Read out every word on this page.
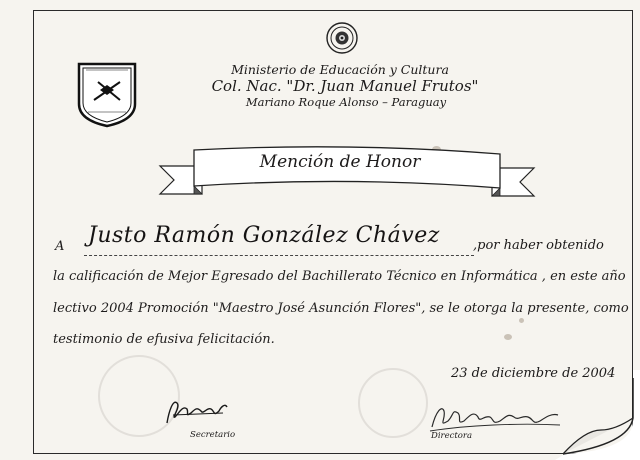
Ministerio de Educación y Cultura
Col. Nac. "Dr. Juan Manuel Frutos"
Mariano Roque Alonso – Paraguay
Mención de Honor
A Justo Ramón González Chávez	,por haber obtenido
la calificación de Mejor Egresado del Bachillerato Técnico en Informática , en este año
lectivo 2004 Promoción "Maestro José Asunción Flores", se le otorga la presente, como
testimonio de efusiva felicitación.
23 de diciembre de 2004
Secretario	Directora
